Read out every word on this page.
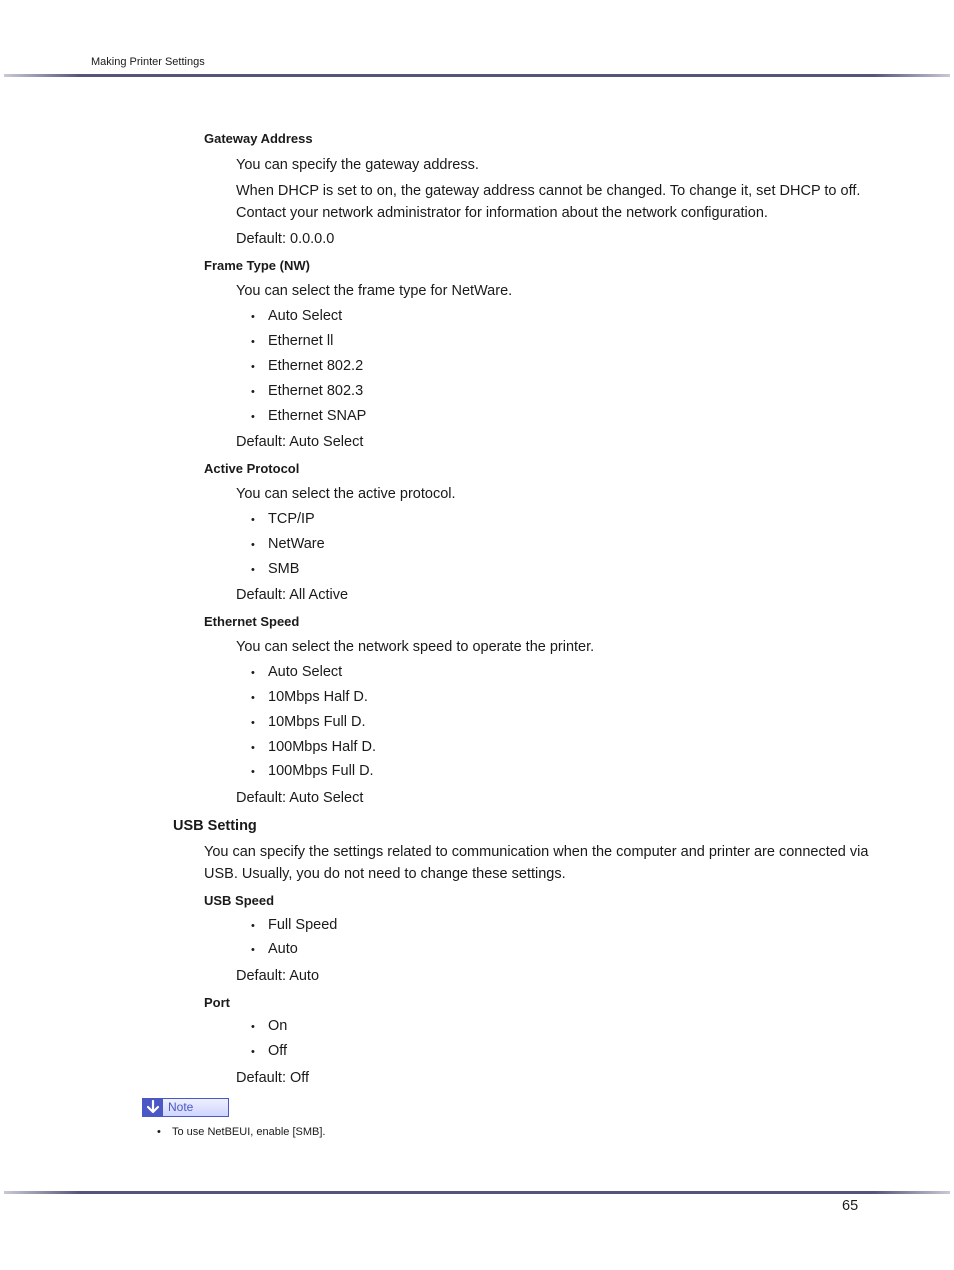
Making Printer Settings
Gateway Address
You can specify the gateway address.
When DHCP is set to on, the gateway address cannot be changed. To change it, set DHCP to off.
Contact your network administrator for information about the network configuration.
Default: 0.0.0.0
Frame Type (NW)
You can select the frame type for NetWare.
• Auto Select
• Ethernet ll
• Ethernet 802.2
• Ethernet 802.3
• Ethernet SNAP
Default: Auto Select
Active Protocol
You can select the active protocol.
• TCP/IP
• NetWare
• SMB
Default: All Active
Ethernet Speed
You can select the network speed to operate the printer.
• Auto Select
• 10Mbps Half D.
• 10Mbps Full D.
• 100Mbps Half D.
• 100Mbps Full D.
Default: Auto Select
USB Setting
You can specify the settings related to communication when the computer and printer are connected via
USB. Usually, you do not need to change these settings.
USB Speed
• Full Speed
• Auto
Default: Auto
Port
• On
• Off
Default: Off
Note
• To use NetBEUI, enable [SMB].
65
